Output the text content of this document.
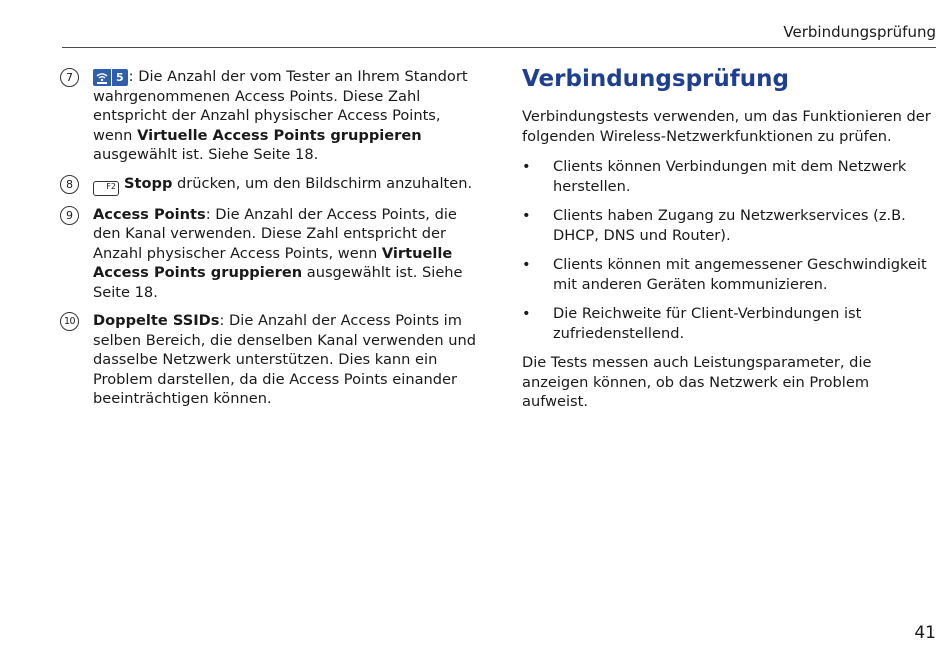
Verbindungsprüfung
7	5 : Die Anzahl der vom Tester an Ihrem Standort wahrgenommenen Access Points. Diese Zahl entspricht der Anzahl physischer Access Points, wenn Virtuelle Access Points gruppieren ausgewählt ist. Siehe Seite 18.
8	F2 Stopp drücken, um den Bildschirm anzuhalten.
9	Access Points: Die Anzahl der Access Points, die den Kanal verwenden. Diese Zahl entspricht der Anzahl physischer Access Points, wenn Virtuelle Access Points gruppieren ausgewählt ist. Siehe Seite 18.
10 Doppelte SSIDs: Die Anzahl der Access Points im selben Bereich, die denselben Kanal verwenden und dasselbe Netzwerk unterstützen. Dies kann ein Problem darstellen, da die Access Points einander beeinträchtigen können.
Verbindungsprüfung

Verbindungstests verwenden, um das Funktionieren der folgenden Wireless-Netzwerkfunktionen zu prüfen.

•	Clients können Verbindungen mit dem Netzwerk herstellen.
•	Clients haben Zugang zu Netzwerkservices (z.B. DHCP, DNS und Router).
•	Clients können mit angemessener Geschwindigkeit mit anderen Geräten kommunizieren.
•	Die Reichweite für Client-Verbindungen ist zufriedenstellend.

Die Tests messen auch Leistungsparameter, die anzeigen können, ob das Netzwerk ein Problem aufweist.

41
